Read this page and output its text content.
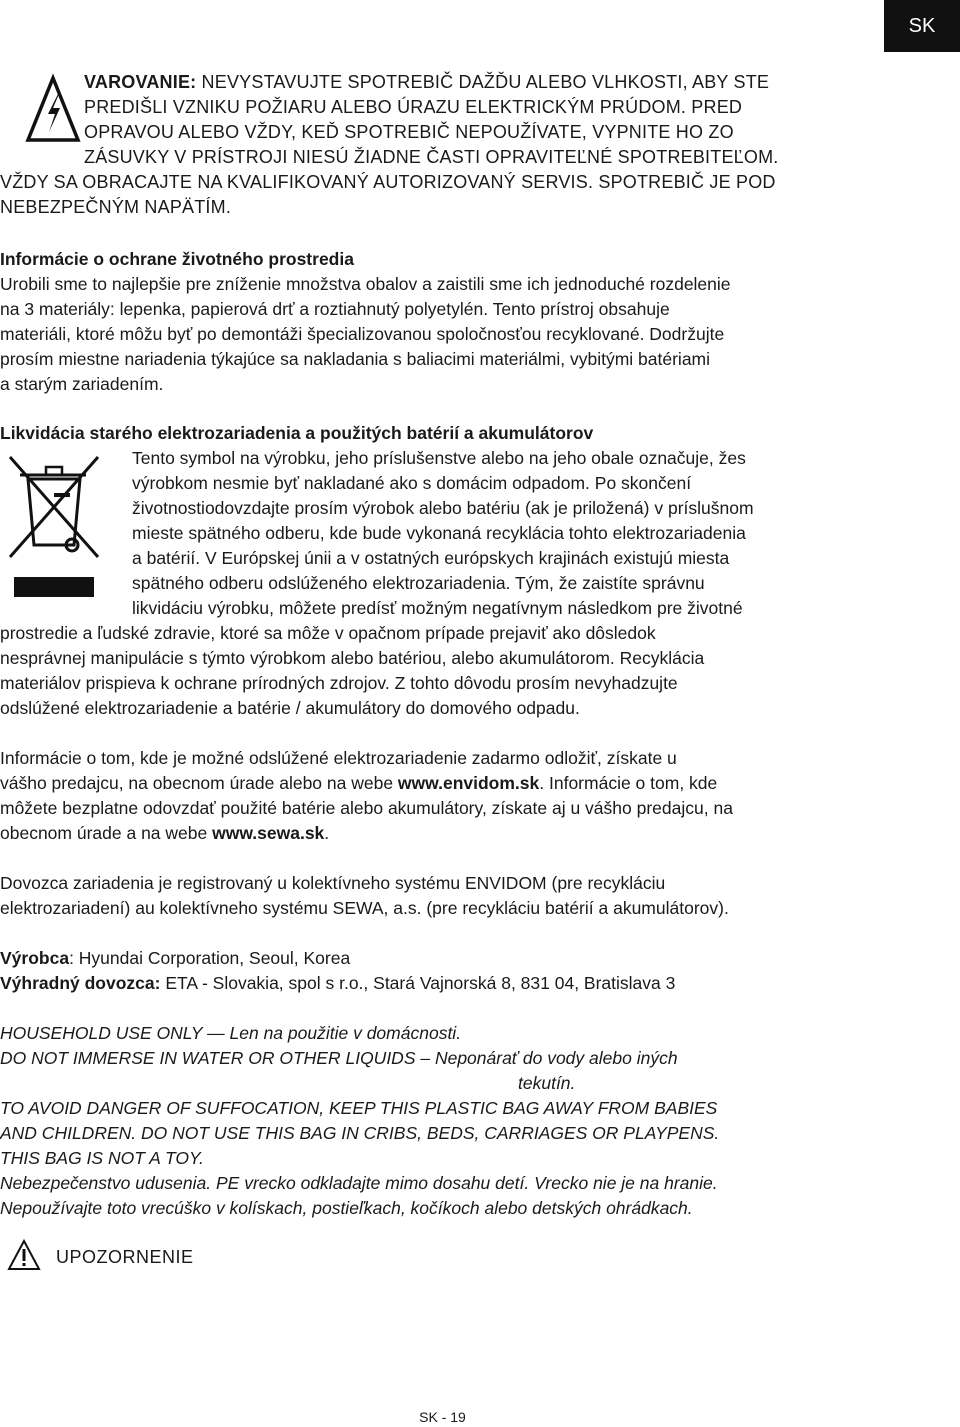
SK
VAROVANIE: NEVYSTAVUJTE SPOTREBIČ DAŽĎU ALEBO VLHKOSTI, ABY STE
PREDIŠLI VZNIKU POŽIARU ALEBO ÚRAZU ELEKTRICKÝM PRÚDOM. PRED
OPRAVOU ALEBO VŽDY, KEĎ SPOTREBIČ NEPOUŽÍVATE, VYPNITE HO ZO
ZÁSUVKY V PRÍSTROJI NIESÚ ŽIADNE ČASTI OPRAVITEĽNÉ SPOTREBITEĽOM.
VŽDY SA OBRACAJTE NA KVALIFIKOVANÝ AUTORIZOVANÝ SERVIS. SPOTREBIČ JE POD
NEBEZPEČNÝM NAPÄTÍM.
Informácie o ochrane životného prostredia
Urobili sme to najlepšie pre zníženie množstva obalov a zaistili sme ich jednoduché rozdelenie
na 3 materiály: lepenka, papierová drť a roztiahnutý polyetylén. Tento prístroj obsahuje
materiáli, ktoré môžu byť po demontáži špecializovanou spoločnosťou recyklované. Dodržujte
prosím miestne nariadenia týkajúce sa nakladania s baliacimi materiálmi, vybitými batériami
a starým zariadením.
Likvidácia starého elektrozariadenia a použitých batérií a akumulátorov
Tento symbol na výrobku, jeho príslušenstve alebo na jeho obale označuje, žes
výrobkom nesmie byť nakladané ako s domácim odpadom. Po skončení
životnostiodovzdajte prosím výrobok alebo batériu (ak je priložená) v príslušnom
mieste spätného odberu, kde bude vykonaná recyklácia tohto elektrozariadenia
a batérií. V Európskej únii a v ostatných európskych krajinách existujú miesta
spätného odberu odslúženého elektrozariadenia. Tým, že zaistíte správnu
likvidáciu výrobku, môžete predísť možným negatívnym následkom pre životné
prostredie a ľudské zdravie, ktoré sa môže v opačnom prípade prejaviť ako dôsledok
nesprávnej manipulácie s týmto výrobkom alebo batériou, alebo akumulátorom. Recyklácia
materiálov prispieva k ochrane prírodných zdrojov. Z tohto dôvodu prosím nevyhadzujte
odslúžené elektrozariadenie a batérie / akumulátory do domového odpadu.
Informácie o tom, kde je možné odslúžené elektrozariadenie zadarmo odložiť, získate u
vášho predajcu, na obecnom úrade alebo na webe www.envidom.sk. Informácie o tom, kde
môžete bezplatne odovzdať použité batérie alebo akumulátory, získate aj u vášho predajcu, na
obecnom úrade a na webe www.sewa.sk.
Dovozca zariadenia je registrovaný u kolektívneho systému ENVIDOM (pre recykláciu
elektrozariadení) au kolektívneho systému SEWA, a.s. (pre recykláciu batérií a akumulátorov).
Výrobca: Hyundai Corporation, Seoul, Korea
Výhradný dovozca: ETA - Slovakia, spol s r.o., Stará Vajnorská 8, 831 04, Bratislava 3
HOUSEHOLD USE ONLY — Len na použitie v domácnosti.
DO NOT IMMERSE IN WATER OR OTHER LIQUIDS – Neponárať do vody alebo iných
tekutín.
TO AVOID DANGER OF SUFFOCATION, KEEP THIS PLASTIC BAG AWAY FROM BABIES
AND CHILDREN. DO NOT USE THIS BAG IN CRIBS, BEDS, CARRIAGES OR PLAYPENS.
THIS BAG IS NOT A TOY.
Nebezpečenstvo udusenia. PE vrecko odkladajte mimo dosahu detí. Vrecko nie je na hranie.
Nepoužívajte toto vrecúško v kolískach, postieľkach, kočíkoch alebo detských ohrádkach.
UPOZORNENIE
SK - 19
